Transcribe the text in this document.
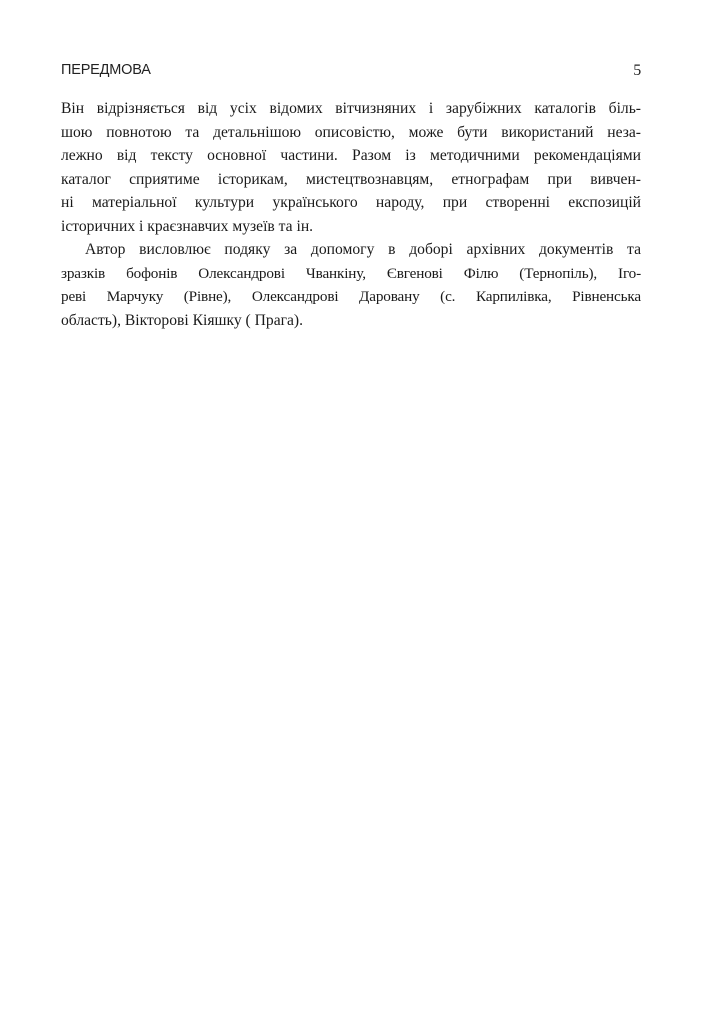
ПЕРЕДМОВА	5

Він відрізняється від усіх відомих вітчизняних і зарубіжних каталогів біль-
шою повнотою та детальнішою описовістю, може бути використаний неза-
лежно від тексту основної частини. Разом із методичними рекомендаціями
каталог сприятиме історикам, мистецтвознавцям, етнографам при вивчен-
ні матеріальної культури українського народу, при створенні експозицій
історичних і краєзнавчих музеїв та ін.

Автор висловлює подяку за допомогу в доборі архівних документів та
зразків бофонів Олександрові Чванкіну, Євгенові Філю (Тернопіль), Іго-
реві Марчуку (Рівне), Олександрові Даровану (с. Карпилівка, Рівненська
область), Вікторові Кіяшку ( Прага).
